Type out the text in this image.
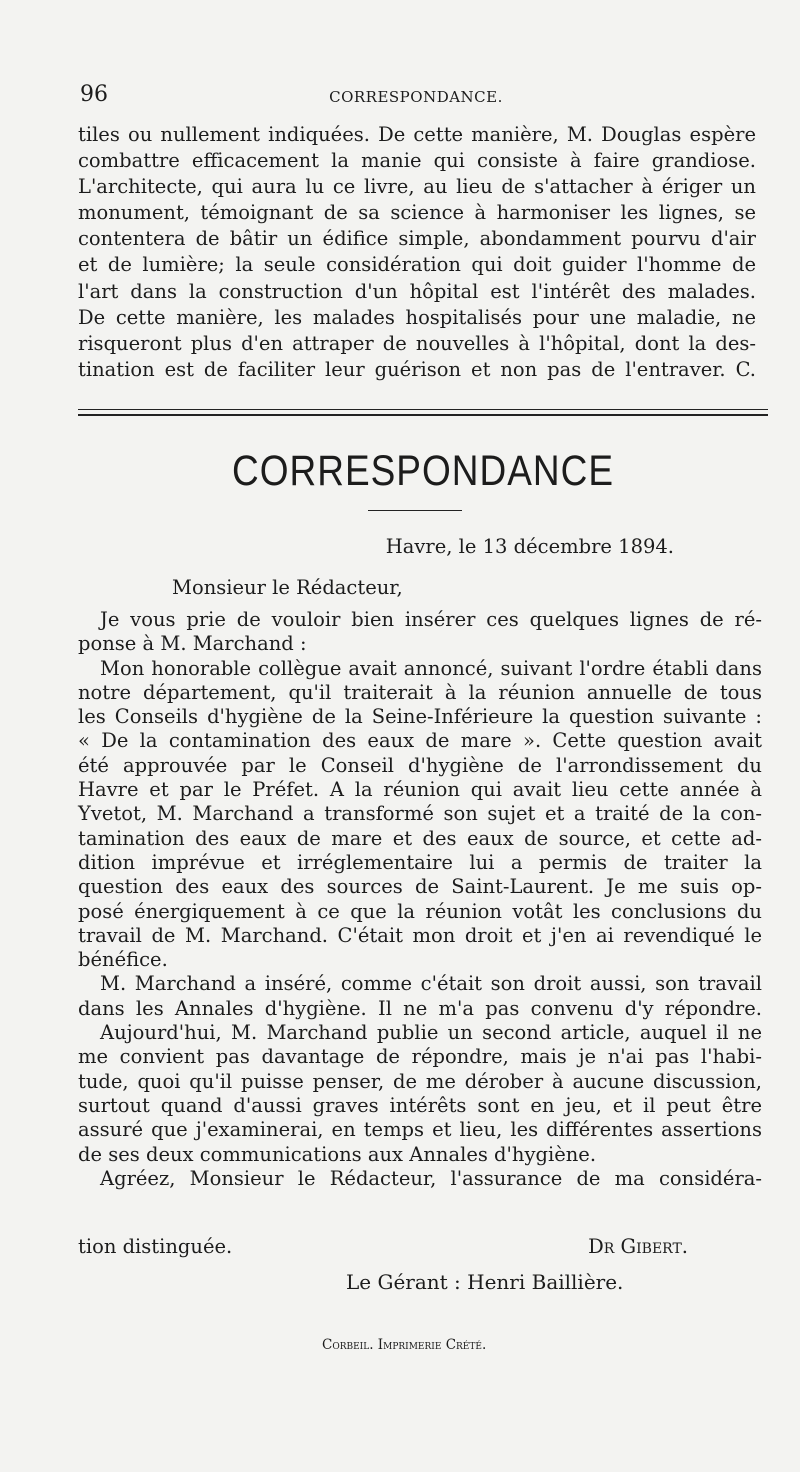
96	CORRESPONDANCE.
tiles ou nullement indiquées. De cette manière, M. Douglas espère
combattre efficacement la manie qui consiste à faire grandiose.
L'architecte, qui aura lu ce livre, au lieu de s'attacher à ériger un
monument, témoignant de sa science à harmoniser les lignes, se
contentera de bâtir un édifice simple, abondamment pourvu d'air
et de lumière; la seule considération qui doit guider l'homme de
l'art dans la construction d'un hôpital est l'intérêt des malades.
De cette manière, les malades hospitalisés pour une maladie, ne
risqueront plus d'en attraper de nouvelles à l'hôpital, dont la des-
tination est de faciliter leur guérison et non pas de l'entraver. C.
CORRESPONDANCE
Havre, le 13 décembre 1894.
Monsieur le Rédacteur,
Je vous prie de vouloir bien insérer ces quelques lignes de ré-
ponse à M. Marchand :
Mon honorable collègue avait annoncé, suivant l'ordre établi dans
notre département, qu'il traiterait à la réunion annuelle de tous
les Conseils d'hygiène de la Seine-Inférieure la question suivante :
« De la contamination des eaux de mare ». Cette question avait
été approuvée par le Conseil d'hygiène de l'arrondissement du
Havre et par le Préfet. A la réunion qui avait lieu cette année à
Yvetot, M. Marchand a transformé son sujet et a traité de la con-
tamination des eaux de mare et des eaux de source, et cette ad-
dition imprévue et irréglementaire lui a permis de traiter la
question des eaux des sources de Saint-Laurent. Je me suis op-
posé énergiquement à ce que la réunion votât les conclusions du
travail de M. Marchand. C'était mon droit et j'en ai revendiqué le
bénéfice.
M. Marchand a inséré, comme c'était son droit aussi, son travail
dans les Annales d'hygiène. Il ne m'a pas convenu d'y répondre.
Aujourd'hui, M. Marchand publie un second article, auquel il ne
me convient pas davantage de répondre, mais je n'ai pas l'habi-
tude, quoi qu'il puisse penser, de me dérober à aucune discussion,
surtout quand d'aussi graves intérêts sont en jeu, et il peut être
assuré que j'examinerai, en temps et lieu, les différentes assertions
de ses deux communications aux Annales d'hygiène.
Agréez, Monsieur le Rédacteur, l'assurance de ma considéra-
tion distinguée.	Dr Gibert.
Le Gérant : Henri Baillière.
Corbeil. Imprimerie Crété.
